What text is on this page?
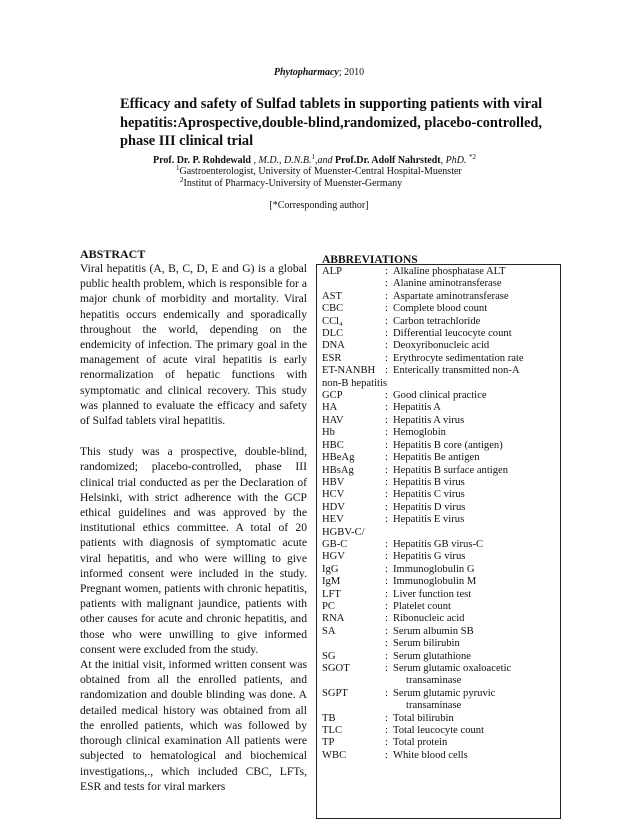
Phytopharmacy; 2010
Efficacy and safety of Sulfad tablets in supporting patients with viral hepatitis:Aprospective,double-blind,randomized, placebo-controlled, phase III clinical trial
Prof. Dr. P. Rohdewald , M.D., D.N.B.$^1$,and Prof.Dr. Adolf Nahrstedt, PhD. $^{*2}$
$^1$Gastroenterologist, University of Muenster-Central Hospital-Muenster
$^2$Institut of Pharmacy-University of Muenster-Germany
[*Corresponding author]
ABSTRACT

Viral hepatitis (A, B, C, D, E and G) is a global public health problem, which is responsible for a major chunk of morbidity and mortality. Viral hepatitis occurs endemically and sporadically throughout the world, depending on the endemicity of infection. The primary goal in the management of acute viral hepatitis is early renormalization of hepatic functions with symptomatic and clinical recovery. This study was planned to evaluate the efficacy and safety of Sulfad tablets viral hepatitis.

This study was a prospective, double-blind, randomized; placebo-controlled, phase III clinical trial conducted as per the Declaration of Helsinki, with strict adherence with the GCP ethical guidelines and was approved by the institutional ethics committee. A total of 20 patients with diagnosis of symptomatic acute viral hepatitis, and who were willing to give informed consent were included in the study. Pregnant women, patients with chronic hepatitis, patients with malignant jaundice, patients with other causes for acute and chronic hepatitis, and those who were unwilling to give informed consent were excluded from the study.

At the initial visit, informed written consent was obtained from all the enrolled patients, and randomization and double blinding was done. A detailed medical history was obtained from all the enrolled patients, which was followed by thorough clinical examination All patients were subjected to hematological and biochemical investigations,., which included CBC, LFTs, ESR and tests for viral markers

ABBREVIATIONS
ALP	: Alkaline phosphatase ALT
: Alanine aminotransferase
AST	: Aspartate aminotransferase
CBC	: Complete blood count
CCl₄	: Carbon tetrachloride
DLC	: Differential leucocyte count
DNA	: Deoxyribonucleic acid
ESR	: Erythrocyte sedimentation rate
ET-NANBH : Enterically transmitted non-A
non-B hepatitis
GCP	: Good clinical practice
HA	: Hepatitis A
HAV	: Hepatitis A virus
Hb	: Hemoglobin
HBC	: Hepatitis B core (antigen)
HBeAg	: Hepatitis Be antigen
HBsAg	: Hepatitis B surface antigen
HBV	: Hepatitis B virus
HCV	: Hepatitis C virus
HDV	: Hepatitis D virus
HEV	: Hepatitis E virus
HGBV-C/
GB-C	: Hepatitis GB virus-C
HGV	: Hepatitis G virus
IgG	: Immunoglobulin G
IgM	: Immunoglobulin M
LFT	: Liver function test
PC	: Platelet count
RNA	: Ribonucleic acid
SA	: Serum albumin SB
: Serum bilirubin
SG	: Serum glutathione
SGOT	: Serum glutamic oxaloacetic
transaminase
SGPT	: Serum glutamic pyruvic
transaminase
TB	: Total bilirubin
TLC	: Total leucocyte count
TP	: Total protein
WBC	: White blood cells
